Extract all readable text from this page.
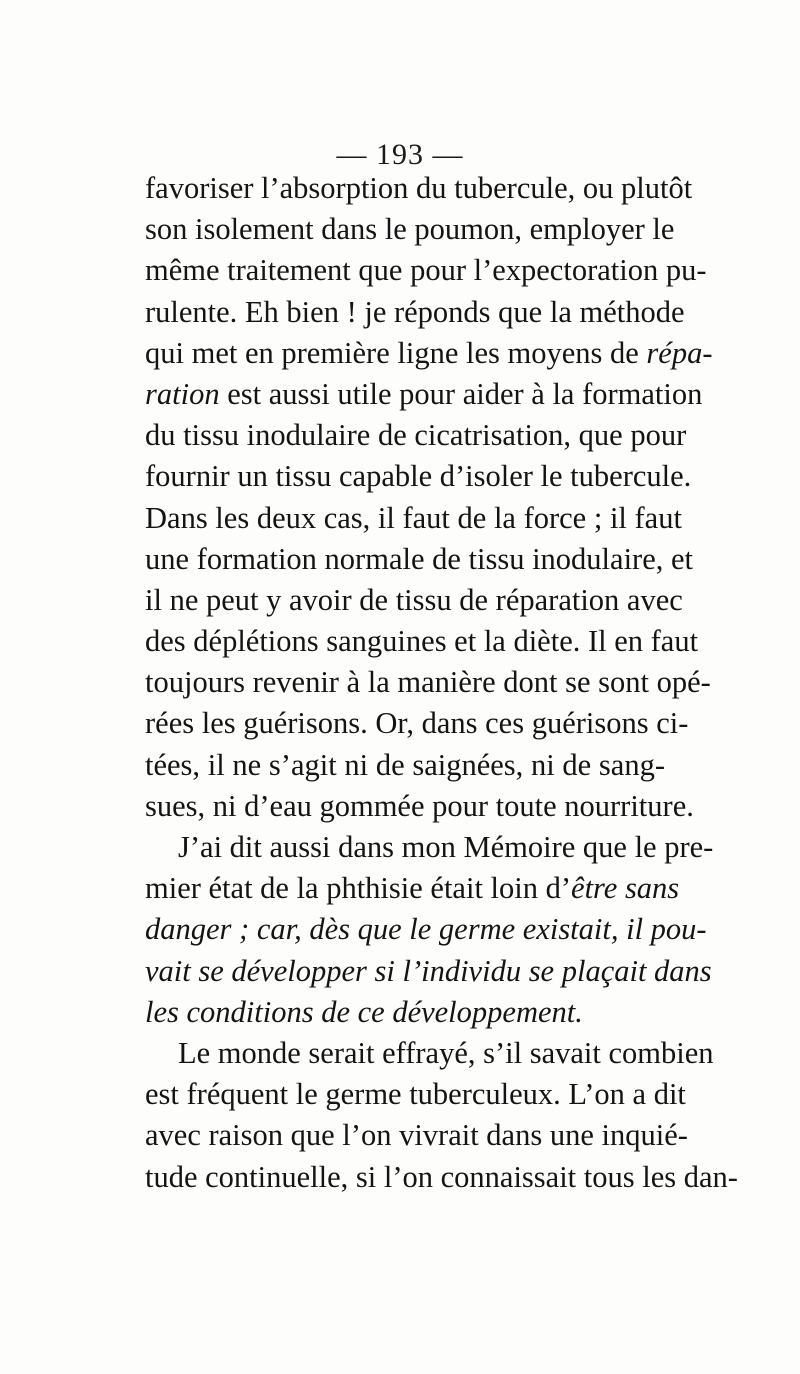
— 193 —
favoriser l’absorption du tubercule, ou plutôt
son isolement dans le poumon, employer le
même traitement que pour l’expectoration pu-
rulente. Eh bien ! je réponds que la méthode
qui met en première ligne les moyens de répa-
ration est aussi utile pour aider à la formation
du tissu inodulaire de cicatrisation, que pour
fournir un tissu capable d’isoler le tubercule.
Dans les deux cas, il faut de la force ; il faut
une formation normale de tissu inodulaire, et
il ne peut y avoir de tissu de réparation avec
des déplétions sanguines et la diète. Il en faut
toujours revenir à la manière dont se sont opé-
rées les guérisons. Or, dans ces guérisons ci-
tées, il ne s’agit ni de saignées, ni de sang-
sues, ni d’eau gommée pour toute nourriture.
J’ai dit aussi dans mon Mémoire que le pre-
mier état de la phthisie était loin d’être sans
danger ; car, dès que le germe existait, il pou-
vait se développer si l’individu se plaçait dans
les conditions de ce développement.
Le monde serait effrayé, s’il savait combien
est fréquent le germe tuberculeux. L’on a dit
avec raison que l’on vivrait dans une inquié-
tude continuelle, si l’on connaissait tous les dan-
